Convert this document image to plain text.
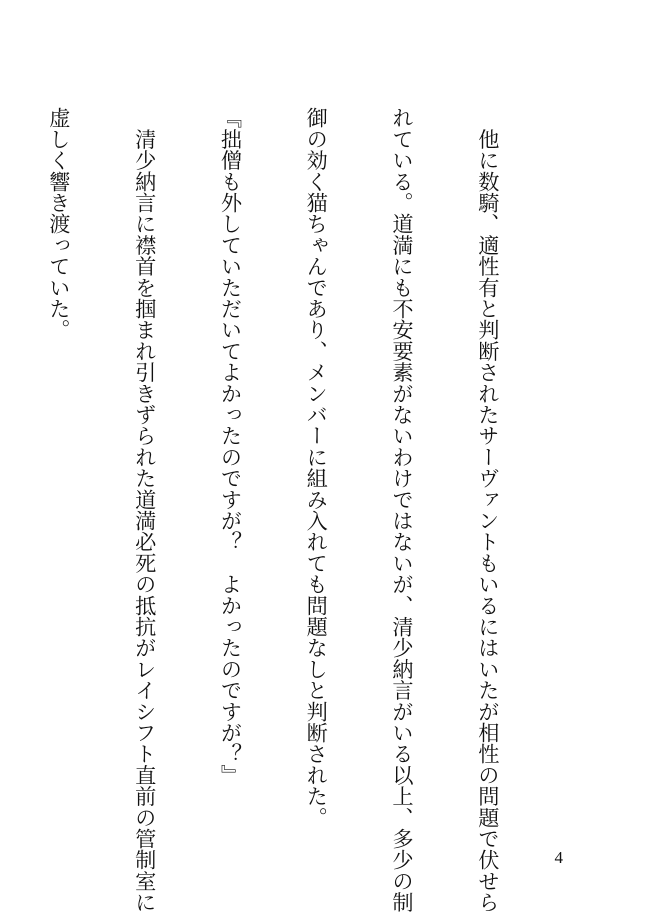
　他に数騎、適性有と判断されたサーヴァントもいるにはいたが相性の問題で伏せら

れている。道満にも不安要素がないわけではないが、清少納言がいる以上、多少の制

御の効く猫ちゃんであり、メンバーに組み入れても問題なしと判断された。

『拙僧も外していただいてよかったのですが？　よかったのですが？』

　清少納言に襟首を掴まれ引きずられた道満必死の抵抗がレイシフト直前の管制室に

虚しく響き渡っていた。

4
